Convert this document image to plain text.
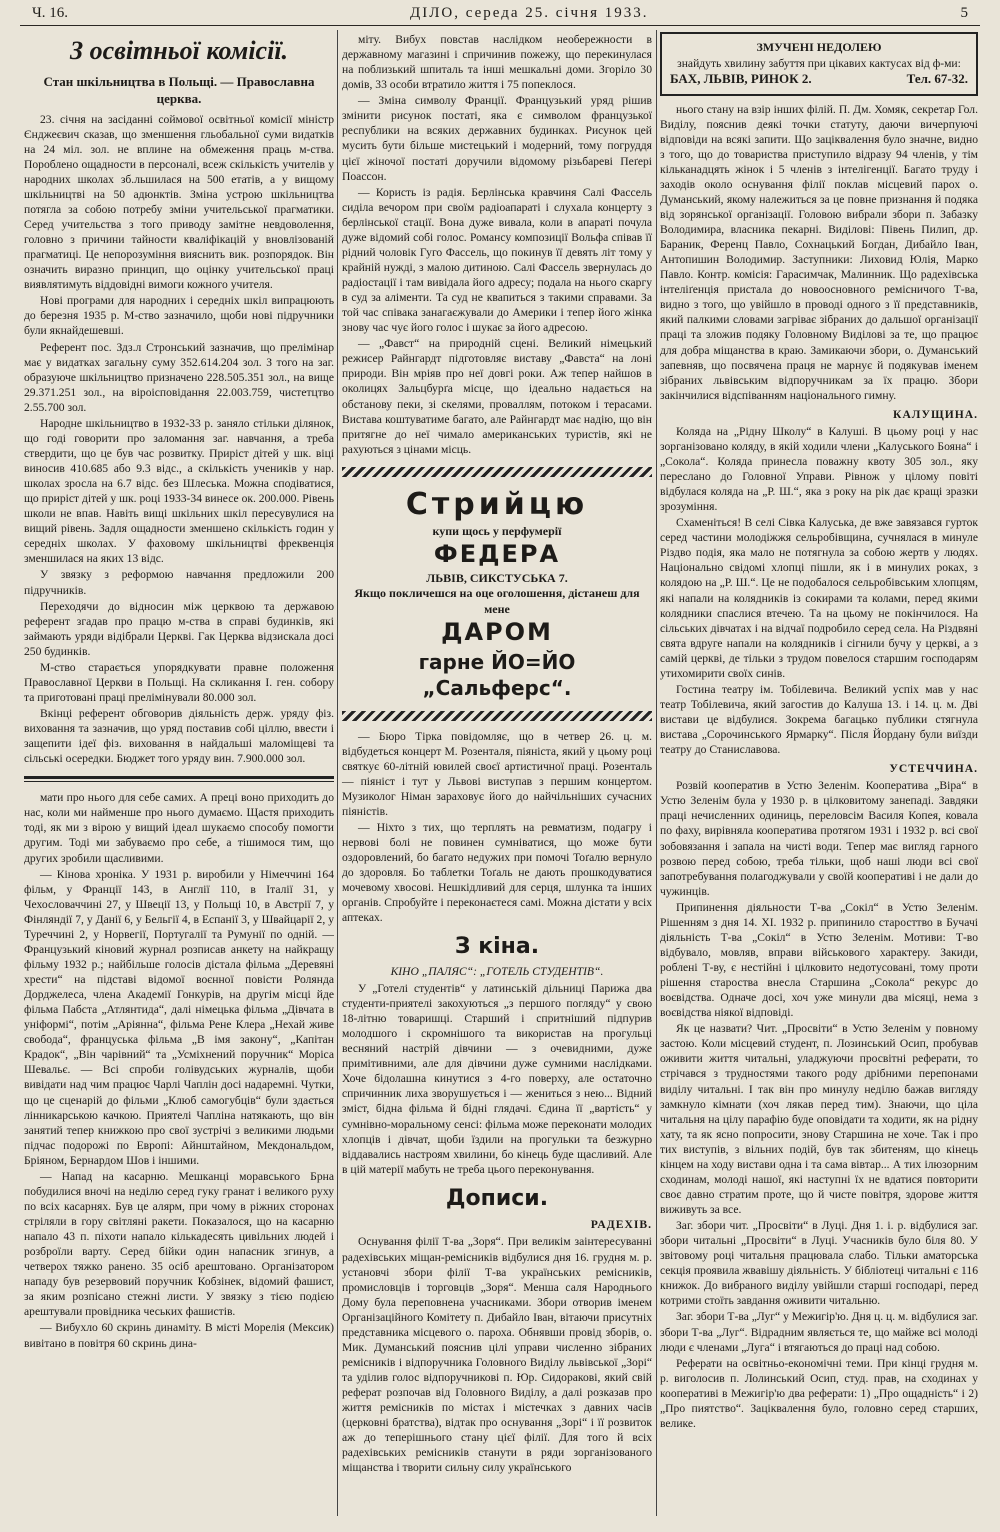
Ч. 16.	ДІЛО, середа 25. січня 1933.	5
З освітньої комісії.
Стан шкільництва в Польщі. — Православна церква.

23. січня на засіданні соймової освітньої комісії міністр Єнджеєвич сказав, що зменшення гльобальної суми видатків на 24 міл. зол. не вплине на обмеження праць м-ства. Пороблено ощадности в персоналі, всеж скількість учителів у народних школах зб.льшилася на 500 етатів, а у вищому шкільництві на 50 адюнктів. Зміна устрою шкільництва потягла за собою потребу зміни учительської прагматики. Серед учительства з того приводу замітне невдоволення, головно з причини тайности кваліфікацій у вновлізованій прагматиці. Це непорозуміння вияснить вик. розпорядок. Він означить виразно принцип, що оцінку учительської праці виявлятимуть віддовідні вимоги кожного учителя.

Нові програми для народних і середніх шкіл випрацюють до березня 1935 р. М-ство зазначило, щоби нові підручники були якнайдешевші.

Референт пос. Здз.л Стронський зазначив, що прелімінар має у видатках загальну суму 352.614.204 зол. З того на заг. образуюче шкільництво призначено 228.505.351 зол., на вище 29.371.251 зол., на віроісповідання 22.003.759, чистетцтво 2.55.700 зол.

Народне шкільництво в 1932-33 р. заняло стільки ділянок, що годі говорити про заломання заг. навчання, а треба ствердити, що це був час розвитку. Приріст дітей у шк. віці виносив 410.685 або 9.3 відс., а скількість учеників у нар. школах зросла на 6.7 відс. без Шлеська. Можна сподіватися, що приріст дітей у шк. році 1933-34 винесе ок. 200.000. Рівень школи не впав. Навіть вищі шкільних шкіл пересувулися на вищий рівень. Задля ощадности зменшено скількість годин у середніх школах. У фаховому шкільництві фреквенція зменшилася на яких 13 відс.

У звязку з реформою навчання предложили 200 підручників.

Переходячи до відносин між церквою та державою референт згадав про працю м-ства в справі будинків, які займають уряди відібрали Церкві. Гак Церква відзискала досі 250 будинків.

М-ство старається упорядкувати правне положення Православної Церкви в Польщі. На скликання І. ген. собору та приготовані праці прелімінували 80.000 зол.

Вкінці референт обговорив діяльність держ. уряду фіз. виховання та зазначив, що уряд поставив собі ціллю, ввести і защепити ідеї фіз. виховання в найдальші маломіщеві та сільські осередки. Бюджет того уряду вин. 7.900.000 зол.

мати про нього для себе самих. А преці воно приходить до нас, коли ми найменше про нього думаємо. Щастя приходить тоді, як ми з вірою у вищий ідеал шукаємо способу помогти другим. Тоді ми забуваємо про себе, а тішимося тим, що других зробили щасливими.

— Кінова хроніка. У 1931 р. виробили у Німеччині 164 фільм, у Франції 143, в Англії 110, в Італії 31, у Чехословаччині 27, у Швеції 13, у Польщі 10, в Австрії 7, у Фінляндії 7, у Данії 6, у Бельгії 4, в Еспанії 3, у Швайцарії 2, у Туреччині 2, у Норвегії, Португалії та Румунії по одній. — Французький кіновий журнал розписав анкету на найкращу фільму 1932 р.; найбільше голосів дістала фільма „Деревяні хрести“ на підставі відомої воєнної повісти Ролянда Дорджелеса, члена Академії Гонкурів, на другім місці йде фільма Пабста „Атлянтида“, далі німецька фільма „Дівчата в уніформі“, потім „Аріянна“, фільма Рене Клера „Нехай живе свобода“, француська фільма „В імя закону“, „Капітан Крадок“, „Він чарівний“ та „Усміхнений поручник“ Моріса Шевальє. — Всі спроби голівудських журналів, щоби вивідати над чим працює Чарлі Чаплін досі надаремні. Чутки, що це сценарій до фільми „Клюб самогубців“ були здається лінникарською качкою. Приятелі Чапліна натякають, що він занятий тепер книжкою про свої зустрічі з великими людьми підчас подорожі по Европі: Айнштайном, Мекдональдом, Бріяном, Бернардом Шов і іншими.

— Напад на касарню. Мешканці моравського Брна побудилися вночі на неділю серед гуку гранат і великого руху по всіх касарнях. Був це алярм, при чому в ріжних сторонах стріляли в гору світляні ракети. Показалося, що на касарню напало 43 п. піхоти напало кількадесять цивільних людей і розброїли варту. Серед бійки один напасник згинув, а четверох тяжко ранено. 35 осіб арештовано. Організатором нападу був резервовий поручник Кобзінек, відомий фашист, за яким розпісано стежні листи. У звязку з тією подією арештували провідника чеських фашистів.

— Вибухло 60 скринь динаміту. В місті Морелія (Мексик) вивітано в повітря 60 скринь дина-

міту. Вибух повстав наслідком необережности в державному магазині і спричинив пожежу, що перекинулася на поблизький шпиталь та інші мешкальні доми. Згоріло 30 домів, 33 особи втратило життя і 75 попеклося.

— Зміна символу Франції. Французький уряд рішив змінити рисунок постаті, яка є символом французької республики на всяких державних будинках. Рисунок цей мусить бути більше мистецький і модерний, тому погруддя цієї жіночої постаті доручили відомому різьбареві Пеґері Поассон.

— Користь із радія. Берлінська кравчиня Салі Фассель сиділа вечором при своїм радіоапараті і слухала концерту з берлінської стації. Вона дуже вивала, коли в апараті почула дуже відомий собі голос. Романсу композиції Вольфа співав її рідний чоловік Гуго Фассель, що покинув її девять літ тому у крайній нужді, з малою дитиною. Салі Фассель звернулась до радіостації і там вивідала його адресу; подала на нього скаргу в суд за аліменти. Та суд не квапиться з такими справами. За той час співака занагаєжували до Америки і тепер його жінка знову час чує його голос і шукає за його адресою.

— „Фавст“ на природній сцені. Великий німецький режисер Райнгардт підготовляє виставу „Фавста“ на лоні природи. Він мріяв про неї довгі роки. Аж тепер найшов в околицях Зальцбурґа місце, що ідеально надається на обстанову пеки, зі скелями, проваллям, потоком і терасами. Вистава коштуватиме багато, але Райнгардт має надію, що він притягне до неї чимало американських туристів, які не рахуються з цінами місць.

Стрийцю
купи щось у перфумерії
ФЕДЕРА
ЛЬВІВ, СИКСТУСЬКА 7.
Якщо покличешся на оце оголошення, дістанеш для мене
ДАРОМ
гарне ЙО=ЙО „Сальферс“.

— Бюро Тірка повідомляє, що в четвер 26. ц. м. відбудеться концерт М. Розенталя, піяніста, який у цьому році святкує 60-літній ювилей своєї артистичної праці. Розенталь — піяніст і тут у Львові виступав з першим концертом. Музиколог Німан зараховує його до найчільніших сучасних піяністів.

— Ніхто з тих, що терплять на ревматизм, подагру і нервові болі не повинен сумніватися, що може бути оздоровлений, бо багато недужих при помочі Тоґалю вернуло до здоровля. Бо таблетки Тоґаль не дають прошкодуватися мочевому хвосові. Нешкідливий для серця, шлунка та інших органів. Спробуйте і переконаєтеся самі. Можна дістати у всіх аптеках.

З кіна.
КІНО „ПАЛЯС“: „ГОТЕЛЬ СТУДЕНТІВ“.

У „Готелі студентів“ у латинській дільниці Парижа два студенти-приятелі закохуються „з першого погляду“ у свою 18-літню товаришці. Старший і спритніший підпурив молодшого і скромнішого та використав на прогульці весняний настрій дівчини — з очевидними, дуже примітивними, але для дівчини дуже сумними наслідками. Хоче бідолашна кинутися з 4-го поверху, але остаточно спричинник лиха зворушується і — жениться з нею... Відний зміст, бідна фільма й бідні глядачі. Єдина її „вартість“ у сумнівно-моральному сенсі: фільма може переконати молодих хлопців і дівчат, щоби їздили на прогульки та безжурно віддавались настроям хвилини, бо кінець буде щасливий. Але в цій матерії мабуть не треба цього переконування.

Дописи.
РАДЕХІВ.

Оснування філії Т-ва „Зоря“. При великім заінтересуванні радехівських міщан-ремісників відбулися дня 16. грудня м. р. установчі збори філії Т-ва українських ремісників, промисловців і торговців „Зоря“. Менша саля Народнього Дому була переповнена учасниками. Збори отворив іменем Організаційного Комітету п. Дибайло Іван, вітаючи присутніх представника місцевого о. пароха. Обнявши провід зборів, о. Мик. Думанський пояснив цілі управи численно зібраних ремісників і відпоручника Головного Виділу львівської „Зорі“ та уділив голос відпоручникові п. Юр. Сидоракові, який свій реферат розпочав від Головного Виділу, а далі розказав про життя ремісників по містах і містечках з давних часів (церковні братства), відтак про оснування „Зорі“ і її розвиток аж до теперішнього стану цієї філії. Для того й всіх радехівських ремісників станути в ряди зорганізованого міщанства і творити сильну силу українського

ЗМУЧЕНІ НЕДОЛЕЮ
знайдуть хвилину забуття при цікавих кактусах від ф-ми:
БАХ, ЛЬВІВ, РИНОК 2.	Тел. 67-32.

нього стану на взір інших філій. П. Дм. Хомяк, секретар Гол. Виділу, пояснив деякі точки статуту, даючи вичерпуючі відповіди на всякі запити. Що заціквалення було значне, видно з того, що до товариства приступило відразу 94 членів, у тім кільканадцять жінок і 5 членів з інтелігенції. Багато труду і заходів около оснування філії поклав місцевий парох о. Думанський, якому належиться за це повне признання й подяка від зорянської організації. Головою вибрали збори п. Забазку Володимира, власника пекарні. Виділові: Півень Пилип, др. Бараник, Ференц Павло, Сохнацький Богдан, Дибайло Іван, Антопишин Володимир. Заступники: Лиховид Юлія, Марко Павло. Контр. комісія: Гарасимчак, Малинник. Що радехівська інтеліґенція пристала до новоосновного ремісничого Т-ва, видно з того, що увійшло в проводі одного з її представників, який палкими словами загріває зібраних до дальшої організації праці та зложив подяку Головному Виділові за те, що працює для добра міщанства в краю. Замикаючи збори, о. Думанський запевняв, що посвячена праця не марнує й подякував іменем зібраних львівським відпоручникам за їх працю. Збори закінчилися відспіванням національного гимну.

КАЛУЩИНА.

Коляда на „Рідну Школу“ в Калуші. В цьому році у нас зорганізовано коляду, в якій ходили члени „Калуського Бояна“ і „Сокола“. Коляда принесла поважну квоту 305 зол., яку переслано до Головної Управи. Рівнож у цілому повіті відбулася коляда на „Р. Ш.“, яка з року на рік дає кращі зразки зрозуміння.

Схаменіться! В селі Сівка Калуська, де вже завязався гурток серед частини молодіжжя сельробівщина, сучнялася в минуле Різдво подія, яка мало не потягнула за собою жертв у людях. Національно свідомі хлопці пішли, як і в минулих роках, з колядою на „Р. Ш.“. Це не подобалося сельробівським хлопцям, які напали на колядників із сокирами та колами, перед якими колядники спаслися втечею. Та на цьому не покінчилося. На сільських дівчатах і на відчаї подробило серед села. На Різдвяні свята вдруге напали на колядників і сігнили бучу у церкві, а з самій церкві, де тільки з трудом повелося старшим господарям утихомирити своїх синів.

Гостина театру ім. Тобілевича. Великий успіх мав у нас театр Тобілевича, який загостив до Калуша 13. і 14. ц. м. Дві вистави це відбулися. Зокрема багацько публики стягнула вистава „Сорочинського Ярмарку“. Після Йордану були виїзди театру до Станиславова.

УСТЕЧЧИНА.

Розвій кооператив в Устю Зеленім. Кооператива „Віра“ в Устю Зеленім була у 1930 р. в цілковитому занепаді. Завдяки праці нечисленних одиниць, переловсім Василя Копея, ковала по фаху, вирівняла кооператива протягом 1931 і 1932 р. всі свої зобовязання і запала на чисті води. Тепер має вигляд гарного розвою перед собою, треба тільки, щоб наші люди всі свої запотребування полагоджували у своїй кооперативі і не дали до чужинців.

Припинення діяльности Т-ва „Сокіл“ в Устю Зеленім. Рішенням з дня 14. XI. 1932 р. припинило старосттво в Бучачі діяльність Т-ва „Сокіл“ в Устю Зеленім. Мотиви: Т-во відбувало, мовляв, вправи військового характеру. Закиди, роблені Т-ву, є нестійні і цілковито недотусовані, тому проти рішення староства внесла Старшина „Сокола“ рекурс до воєвідства. Одначе досі, хоч уже минули два місяці, нема з воєвідства ніякої відповіді.

Як це назвати? Чит. „Просвіти“ в Устю Зеленім у повному застою. Коли місцевий студент, п. Лозинський Осип, пробував оживити життя читальні, уладжуючи просвітні реферати, то стрічався з трудностями такого роду дрібними перепонами виділу читальні. І так він про минулу неділю бажав вигляду замкнуло кімнати (хоч лякав перед тим). Знаючи, що ціла читальня на цілу парафію буде оповідати та ходити, як на рідну хату, та як ясно попросити, знову Старшина не хоче. Так і про тих виступів, з вільних подій, був так збитеням, що кінець кінцем на ходу вистави одна і та сама вівтар... А тих ілюзорним сходинам, молоді нашої, які наступні їх не вдатися повторити своє давно стратим проте, що й чисте повітря, здорове життя виживуть за все.

Заг. збори чит. „Просвіти“ в Луці. Дня 1. і. р. відбулися заг. збори читальні „Просвіти“ в Луці. Учасників було біля 80. У звітовому році читальня працювала слабо. Тільки аматорська секція проявила жвавішу діяльність. У бібліотеці читальні є 116 книжок. До вибраного виділу увійшли старші господарі, перед котрими стоїть завдання оживити читальню.

Заг. збори Т-ва „Луг“ у Межигір'ю. Дня ц. ц. м. відбулися заг. збори Т-ва „Луг“. Відрадним являється те, що майже всі молоді люди є членами „Луга“ і втягаються до праці над собою.

Реферати на освітньо-економічні теми. При кінці грудня м. р. виголосив п. Лолинський Осип, студ. прав, на сходинах у кооперативі в Межигір'ю два реферати: 1) „Про ощадність“ і 2) „Про пиятство“. Заціквалення було, головно серед старших, велике.
